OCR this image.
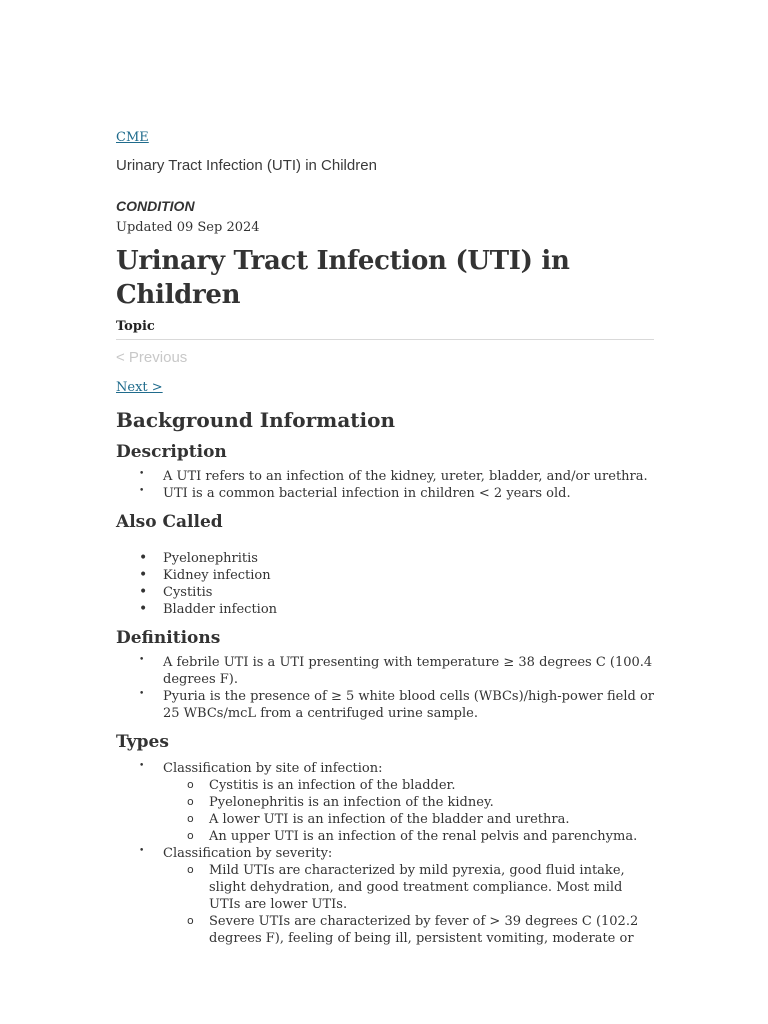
CME
Urinary Tract Infection (UTI) in Children
CONDITION
Updated 09 Sep 2024
Urinary Tract Infection (UTI) in Children
Topic
< Previous
Next >
Background Information
Description
• A UTI refers to an infection of the kidney, ureter, bladder, and/or urethra.
• UTI is a common bacterial infection in children < 2 years old.
Also Called
• Pyelonephritis
• Kidney infection
• Cystitis
• Bladder infection
Definitions
• A febrile UTI is a UTI presenting with temperature ≥ 38 degrees C (100.4 degrees F).
• Pyuria is the presence of ≥ 5 white blood cells (WBCs)/high-power field or 25 WBCs/mcL from a centrifuged urine sample.
Types
• Classification by site of infection:
o Cystitis is an infection of the bladder.
o Pyelonephritis is an infection of the kidney.
o A lower UTI is an infection of the bladder and urethra.
o An upper UTI is an infection of the renal pelvis and parenchyma.
• Classification by severity:
o Mild UTIs are characterized by mild pyrexia, good fluid intake, slight dehydration, and good treatment compliance. Most mild UTIs are lower UTIs.
o Severe UTIs are characterized by fever of > 39 degrees C (102.2 degrees F), feeling of being ill, persistent vomiting, moderate or
